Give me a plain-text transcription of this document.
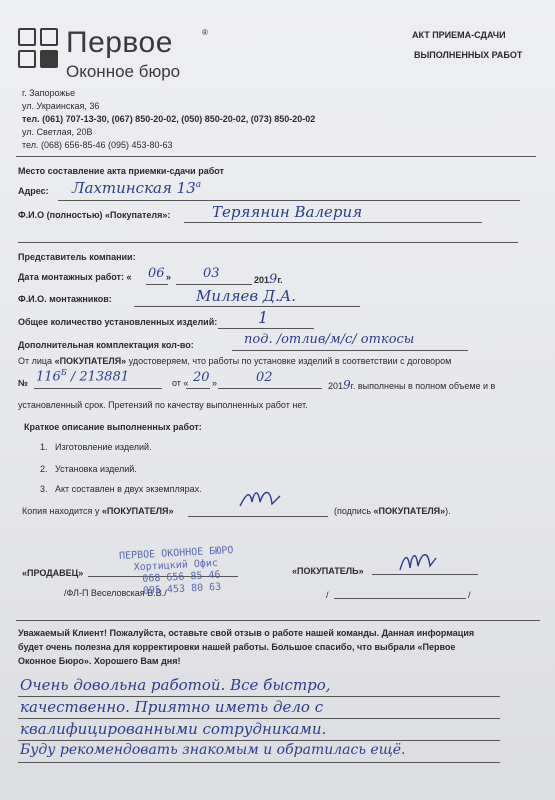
Первое	®
Оконное бюро
АКТ ПРИЕМА-СДАЧИ
ВЫПОЛНЕННЫХ РАБОТ
г. Запорожье
ул. Украинская, 36
тел. (061) 707-13-30, (067) 850-20-02, (050) 850-20-02, (073) 850-20-02
ул. Светлая, 20В
тел. (068) 656-85-46 (095) 453-80-63
Место составление акта приемки-сдачи работ
Адрес: Лахтинская $13^а$
Ф.И.О (полностью) «Покупателя»:	Теряянин Валерия
Представитель компании:
Дата монтажных работ: « 06 » 03	2019г.
Ф.И.О. монтажников:	Миляев Д.А.
Общее количество установленных изделий:	1
Дополнительная комплектация кол-во:	под. /отлив/м/с/ откосы
От лица «ПОКУПАТЕЛЯ» удостоверяем, что работы по установке изделий в соответствии с договором
№ $116^Б / 213881$	от « 20 »	02
2019г. выполнены в полном объеме и в
установленный срок. Претензий по качеству выполненных работ нет.
Краткое описание выполненных работ:
1.   Изготовление изделий.
2.   Установка изделий.
3.   Акт составлен в двух экземплярах.
Копия находится у «ПОКУПАТЕЛЯ»	(подпись «ПОКУПАТЕЛЯ»).
«ПРОДАВЕЦ»
/ФЛ-П Веселовская В.В./
ПЕРВОЕ ОКОННОЕ БЮРО
Хортицкий Офис
068 656 85 46
095 453 80 63
«ПОКУПАТЕЛЬ»
/	/
Уважаемый Клиент! Пожалуйста, оставьте свой отзыв о работе нашей команды. Данная информация
будет очень полезна для корректировки нашей работы. Большое спасибо, что выбрали «Первое
Оконное Бюро». Хорошего Вам дня!
Очень довольна работой. Все быстро,
качественно. Приятно иметь дело с
квалифицированными сотрудниками.
Буду рекомендовать знакомым и обратилась ещё.
